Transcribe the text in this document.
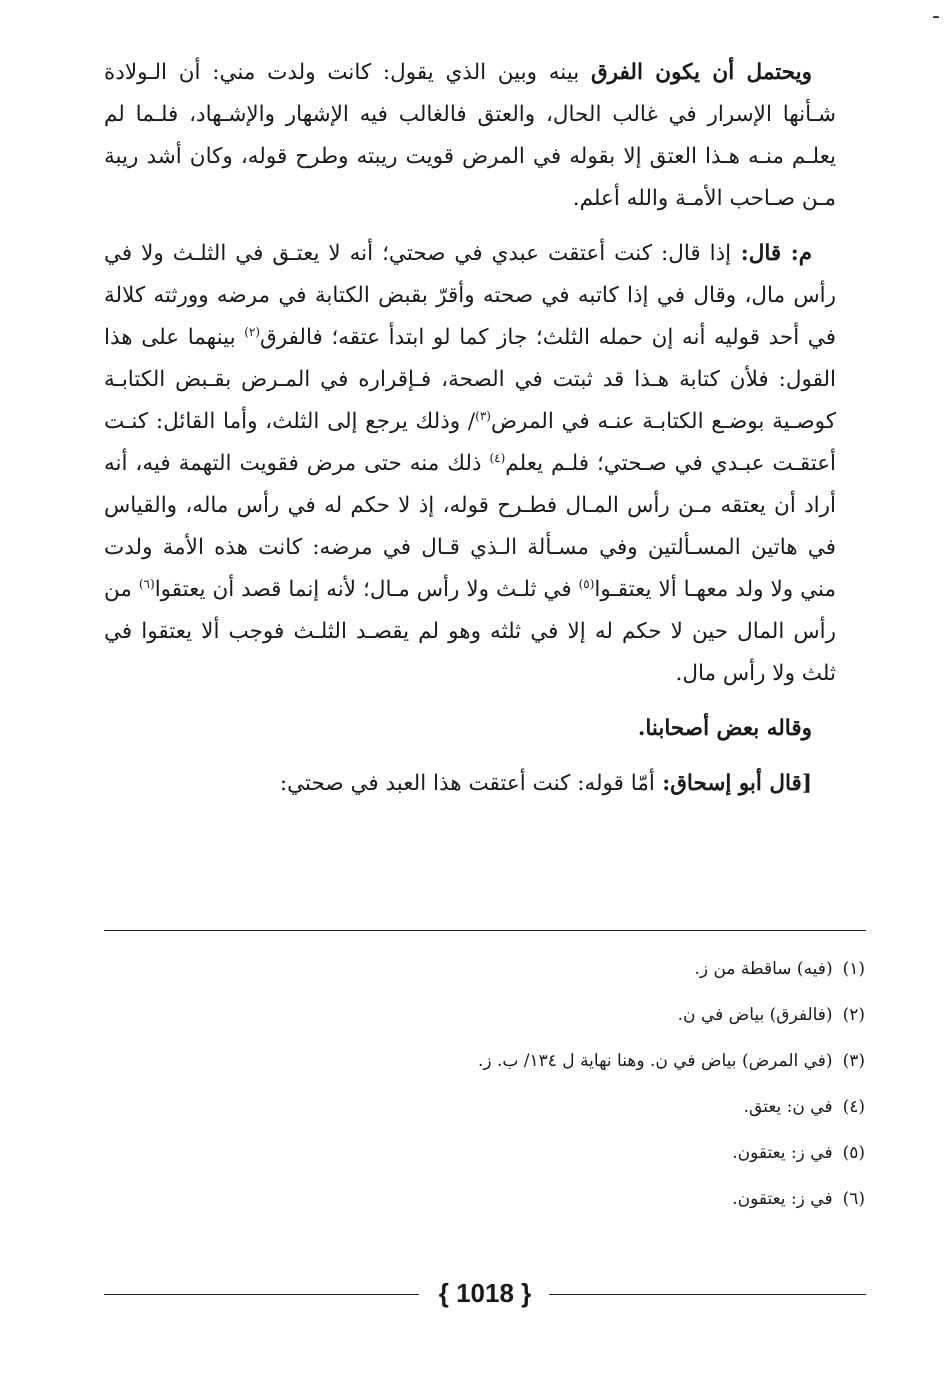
‑

ويحتمل أن يكون الفرق بينه وبين الذي يقول: كانت ولدت مني: أن الـولادة شـأنها الإسرار في غالب الحال، والعتق فالغالب فيه الإشهار والإشـهاد، فلـما لم يعلـم منـه هـذا العتق إلا بقوله في المرض قويت ريبته وطرح قوله، وكان أشد ريبة مـن صـاحب الأمـة والله أعلم.

م: قال: إذا قال: كنت أعتقت عبدي في صحتي؛ أنه لا يعتـق في الثلـث ولا في رأس مال، وقال في إذا كاتبه في صحته وأقرّ بقبض الكتابة في مرضه وورثته كلالة في أحد قوليه أنه إن حمله الثلث؛ جاز كما لو ابتدأ عتقه؛ فالفرق$^{(٢)}$ بينهما على هذا القول: فلأن كتابة هـذا قد ثبتت في الصحة، فـإقراره في المـرض بقـبض الكتابـة كوصـية بوضـع الكتابـة عنـه في المرض$^{(٣)}$/ وذلك يرجع إلى الثلث، وأما القائل: كنـت أعتقـت عبـدي في صـحتي؛ فلـم يعلم$^{(٤)}$ ذلك منه حتى مرض فقويت التهمة فيه، أنه أراد أن يعتقه مـن رأس المـال فطـرح قوله، إذ لا حكم له في رأس ماله، والقياس في هاتين المسـألتين وفي مسـألة الـذي قـال في مرضه: كانت هذه الأمة ولدت مني ولا ولد معهـا ألا يعتقـوا$^{(٥)}$ في ثلـث ولا رأس مـال؛ لأنه إنما قصد أن يعتقوا$^{(٦)}$ من رأس المال حين لا حكم له إلا في ثلثه وهو لم يقصـد الثلـث فوجب ألا يعتقوا في ثلث ولا رأس مال.

وقاله بعض أصحابنا.

[قال أبو إسحاق: أمّا قوله: كنت أعتقت هذا العبد في صحتي:

(١)(فيه) ساقطة من ز.
(٢)(فالفرق) بياض في ن.
(٣)(في المرض) بياض في ن. وهنا نهاية ل ١٣٤/ ب. ز.
(٤)في ن: يعتق.
(٥)في ز: يعتقون.
(٦)في ز: يعتقون.
{ 1018 }
